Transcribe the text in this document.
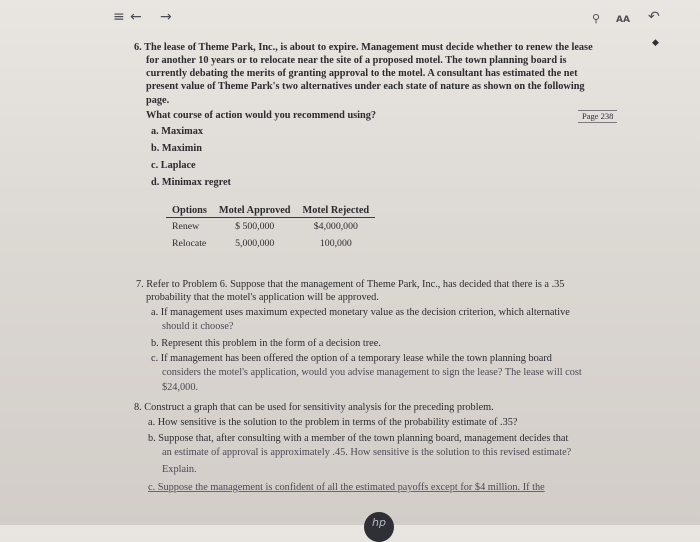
≡ ← →	⚲ AA ↶
◆
6. The lease of Theme Park, Inc., is about to expire. Management must decide whether to renew the lease
for another 10 years or to relocate near the site of a proposed motel. The town planning board is
currently debating the merits of granting approval to the motel. A consultant has estimated the net
present value of Theme Park's two alternatives under each state of nature as shown on the following
page.
What course of action would you recommend using?
a. Maximax
b. Maximin
c. Laplace
d. Minimax regret
Page 238
Options	Motel Approved	Motel Rejected
Renew	$ 500,000	$4,000,000
Relocate	5,000,000	100,000
7. Refer to Problem 6. Suppose that the management of Theme Park, Inc., has decided that there is a .35
probability that the motel's application will be approved.
a. If management uses maximum expected monetary value as the decision criterion, which alternative
should it choose?
b. Represent this problem in the form of a decision tree.
c. If management has been offered the option of a temporary lease while the town planning board
considers the motel's application, would you advise management to sign the lease? The lease will cost
$24,000.
8. Construct a graph that can be used for sensitivity analysis for the preceding problem.
a. How sensitive is the solution to the problem in terms of the probability estimate of .35?
b. Suppose that, after consulting with a member of the town planning board, management decides that
an estimate of approval is approximately .45. How sensitive is the solution to this revised estimate?
Explain.
c. Suppose the management is confident of all the estimated payoffs except for $4 million. If the
hp
